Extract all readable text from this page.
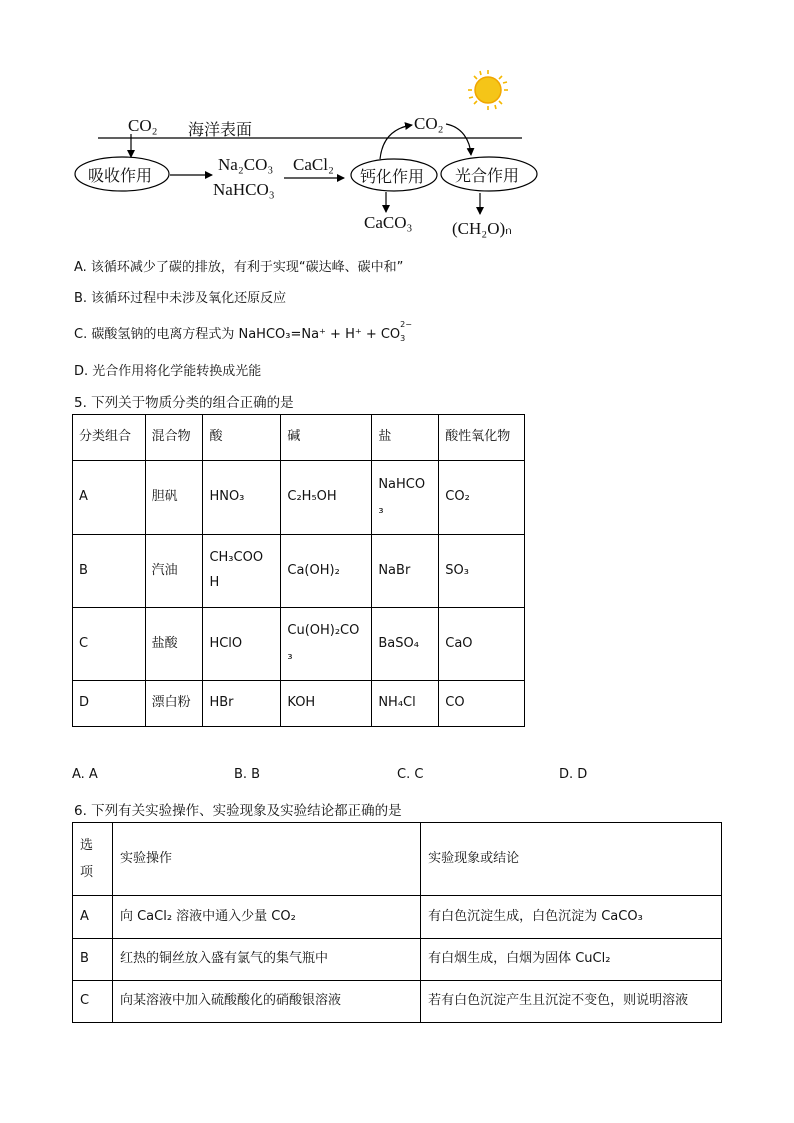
CO₂ 海洋表面
吸收作用
Na₂CO₃
NaHCO₃
CaCl₂
钙化作用 光合作用
CO₂
CaCO₃ (CH₂O)ₙ
A. 该循环减少了碳的排放，有利于实现“碳达峰、碳中和”
B. 该循环过程中未涉及氧化还原反应
C. 碳酸氢钠的电离方程式为 NaHCO₃=Na⁺ + H⁺ + CO
2−
3
D. 光合作用将化学能转换成光能
5. 下列关于物质分类的组合正确的是
分类组合	混合物	酸	碱	盐	酸性氧化物
A	胆矾	HNO₃	C₂H₅OH	NaHCO
₃	CO₂
B	汽油	CH₃COO
H	Ca(OH)₂	NaBr	SO₃
C	盐酸	HClO	Cu(OH)₂CO
₃	BaSO₄	CaO
D	漂白粉	HBr	KOH	NH₄Cl	CO
A. A	B. B	C. C	D. D
6. 下列有关实验操作、实验现象及实验结论都正确的是
选
项	实验操作	实验现象或结论
A	向 CaCl₂ 溶液中通入少量 CO₂	有白色沉淀生成，白色沉淀为 CaCO₃
B	红热的铜丝放入盛有氯气的集气瓶中	有白烟生成，白烟为固体 CuCl₂
C	向某溶液中加入硫酸酸化的硝酸银溶液	若有白色沉淀产生且沉淀不变色，则说明溶液
